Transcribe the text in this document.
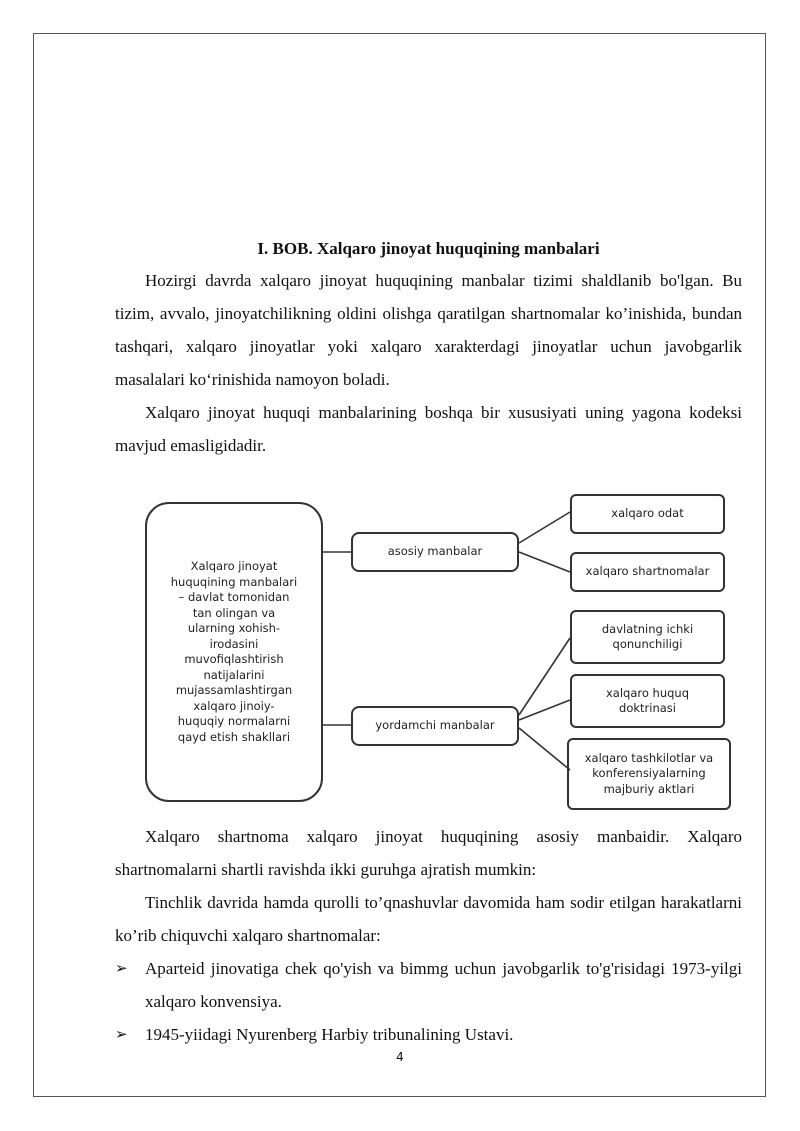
I. BOB. Xalqaro jinoyat huquqining manbalari

Hozirgi davrda xalqaro jinoyat huquqining manbalar tizimi shaldlanib bo'lgan. Bu tizim, avvalo, jinoyatchilikning oldini olishga qaratilgan shartnomalar ko’inishida, bundan tashqari, xalqaro jinoyatlar yoki xalqaro xarakterdagi jinoyatlar uchun javobgarlik masalalari ko‘rinishida namoyon boladi.

Xalqaro jinoyat huquqi manbalarining boshqa bir xususiyati uning yagona kodeksi mavjud emasligidadir.

Xalqaro jinoyat
huquqining manbalari
– davlat tomonidan
tan olingan va
ularning xohish-
irodasini
muvofiqlashtirish
natijalarini
mujassamlashtirgan
xalqaro jinoiy-
huquqiy normalarni
qayd etish shakllari
asosiy manbalar
yordamchi manbalar
xalqaro odat
xalqaro shartnomalar
davlatning ichki
qonunchiligi
xalqaro huquq
doktrinasi
xalqaro tashkilotlar va
konferensiyalarning
majburiy aktlari

Xalqaro shartnoma xalqaro jinoyat huquqining asosiy manbaidir. Xalqaro shartnomalarni shartli ravishda ikki guruhga ajratish mumkin:

Tinchlik davrida hamda qurolli to’qnashuvlar davomida ham sodir etilgan harakatlarni ko’rib chiquvchi xalqaro shartnomalar:

➢ Aparteid jinovatiga chek qo'yish va bimmg uchun javobgarlik to'g'risidagi 1973-yilgi xalqaro konvensiya.

➢ 1945-yiidagi Nyurenberg Harbiy tribunalining Ustavi.

4
